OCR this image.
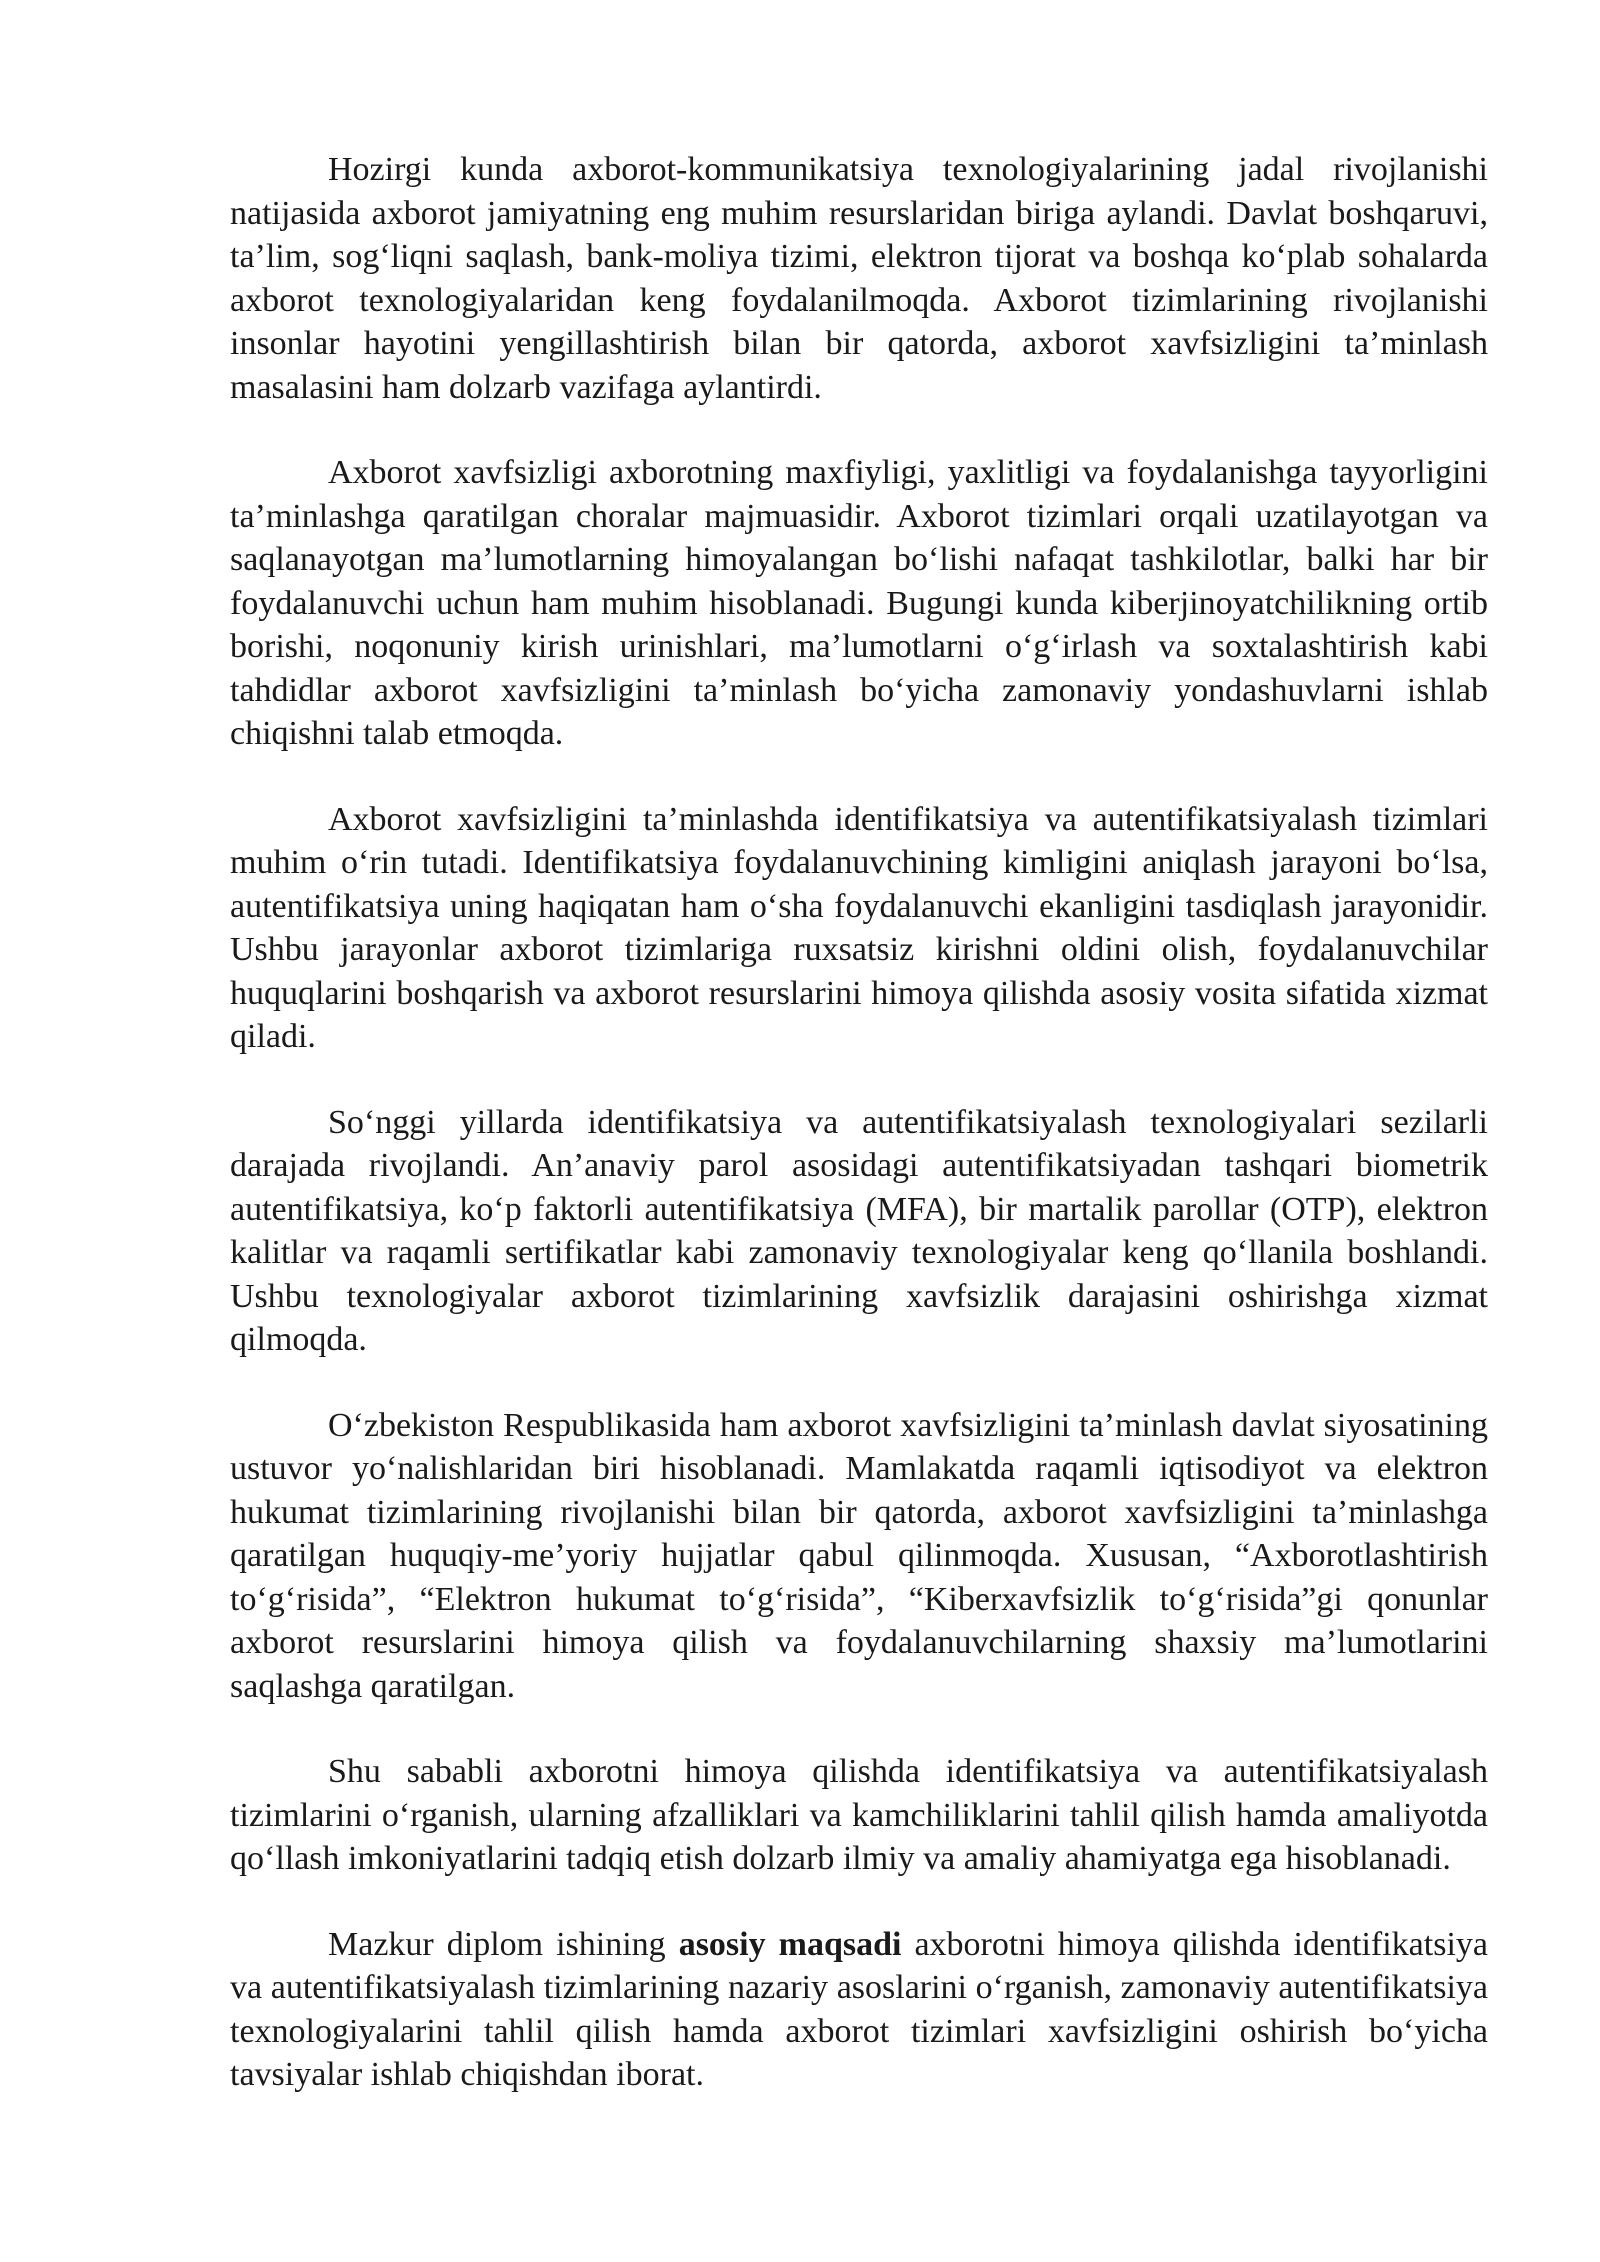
Hozirgi kunda axborot-kommunikatsiya texnologiyalarining jadal rivojlanishi natijasida axborot jamiyatning eng muhim resurslaridan biriga aylandi. Davlat boshqaruvi, ta’lim, sog‘liqni saqlash, bank-moliya tizimi, elektron tijorat va boshqa ko‘plab sohalarda axborot texnologiyalaridan keng foydalanilmoqda. Axborot tizimlarining rivojlanishi insonlar hayotini yengillashtirish bilan bir qatorda, axborot xavfsizligini ta’minlash masalasini ham dolzarb vazifaga aylantirdi.

Axborot xavfsizligi axborotning maxfiyligi, yaxlitligi va foydalanishga tayyorligini ta’minlashga qaratilgan choralar majmuasidir. Axborot tizimlari orqali uzatilayotgan va saqlanayotgan ma’lumotlarning himoyalangan bo‘lishi nafaqat tashkilotlar, balki har bir foydalanuvchi uchun ham muhim hisoblanadi. Bugungi kunda kiberjinoyatchilikning ortib borishi, noqonuniy kirish urinishlari, ma’lumotlarni o‘g‘irlash va soxtalashtirish kabi tahdidlar axborot xavfsizligini ta’minlash bo‘yicha zamonaviy yondashuvlarni ishlab chiqishni talab etmoqda.

Axborot xavfsizligini ta’minlashda identifikatsiya va autentifikatsiyalash tizimlari muhim o‘rin tutadi. Identifikatsiya foydalanuvchining kimligini aniqlash jarayoni bo‘lsa, autentifikatsiya uning haqiqatan ham o‘sha foydalanuvchi ekanligini tasdiqlash jarayonidir. Ushbu jarayonlar axborot tizimlariga ruxsatsiz kirishni oldini olish, foydalanuvchilar huquqlarini boshqarish va axborot resurslarini himoya qilishda asosiy vosita sifatida xizmat qiladi.

So‘nggi yillarda identifikatsiya va autentifikatsiyalash texnologiyalari sezilarli darajada rivojlandi. An’anaviy parol asosidagi autentifikatsiyadan tashqari biometrik autentifikatsiya, ko‘p faktorli autentifikatsiya (MFA), bir martalik parollar (OTP), elektron kalitlar va raqamli sertifikatlar kabi zamonaviy texnologiyalar keng qo‘llanila boshlandi. Ushbu texnologiyalar axborot tizimlarining xavfsizlik darajasini oshirishga xizmat qilmoqda.

O‘zbekiston Respublikasida ham axborot xavfsizligini ta’minlash davlat siyosatining ustuvor yo‘nalishlaridan biri hisoblanadi. Mamlakatda raqamli iqtisodiyot va elektron hukumat tizimlarining rivojlanishi bilan bir qatorda, axborot xavfsizligini ta’minlashga qaratilgan huquqiy-me’yoriy hujjatlar qabul qilinmoqda. Xususan, “Axborotlashtirish to‘g‘risida”, “Elektron hukumat to‘g‘risida”, “Kiberxavfsizlik to‘g‘risida”gi qonunlar axborot resurslarini himoya qilish va foydalanuvchilarning shaxsiy ma’lumotlarini saqlashga qaratilgan.

Shu sababli axborotni himoya qilishda identifikatsiya va autentifikatsiyalash tizimlarini o‘rganish, ularning afzalliklari va kamchiliklarini tahlil qilish hamda amaliyotda qo‘llash imkoniyatlarini tadqiq etish dolzarb ilmiy va amaliy ahamiyatga ega hisoblanadi.

Mazkur diplom ishining asosiy maqsadi axborotni himoya qilishda identifikatsiya va autentifikatsiyalash tizimlarining nazariy asoslarini o‘rganish, zamonaviy autentifikatsiya texnologiyalarini tahlil qilish hamda axborot tizimlari xavfsizligini oshirish bo‘yicha tavsiyalar ishlab chiqishdan iborat.
